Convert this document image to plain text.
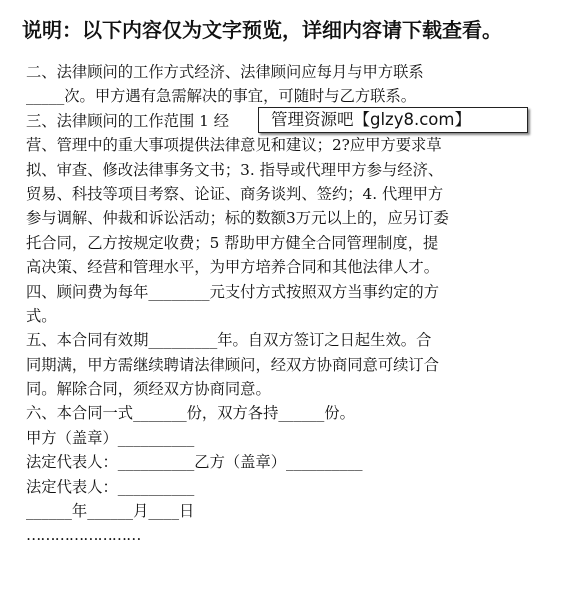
说明：以下内容仅为文字预览，详细内容请下载查看。
二、法律顾问的工作方式经济、法律顾问应每月与甲方联系
_____次。甲方遇有急需解决的事宜，可随时与乙方联系。
三、法律顾问的工作范围 1 经
营、管理中的重大事项提供法律意见和建议；2?应甲方要求草
拟、审查、修改法律事务文书；3. 指导或代理甲方参与经济、
贸易、科技等项目考察、论证、商务谈判、签约；4. 代理甲方
参与调解、仲裁和诉讼活动；标的数额3万元以上的，应另订委
托合同，乙方按规定收费；5 帮助甲方健全合同管理制度，提
高决策、经营和管理水平，为甲方培养合同和其他法律人才。
四、顾问费为每年________元支付方式按照双方当事约定的方
式。
五、本合同有效期_________年。自双方签订之日起生效。合
同期满，甲方需继续聘请法律顾问，经双方协商同意可续订合
同。解除合同，须经双方协商同意。
六、本合同一式_______份，双方各持______份。
甲方（盖章）__________
法定代表人：__________乙方（盖章）__________
法定代表人：__________
______年______月____日
……………………
管理资源吧【glzy8.com】
